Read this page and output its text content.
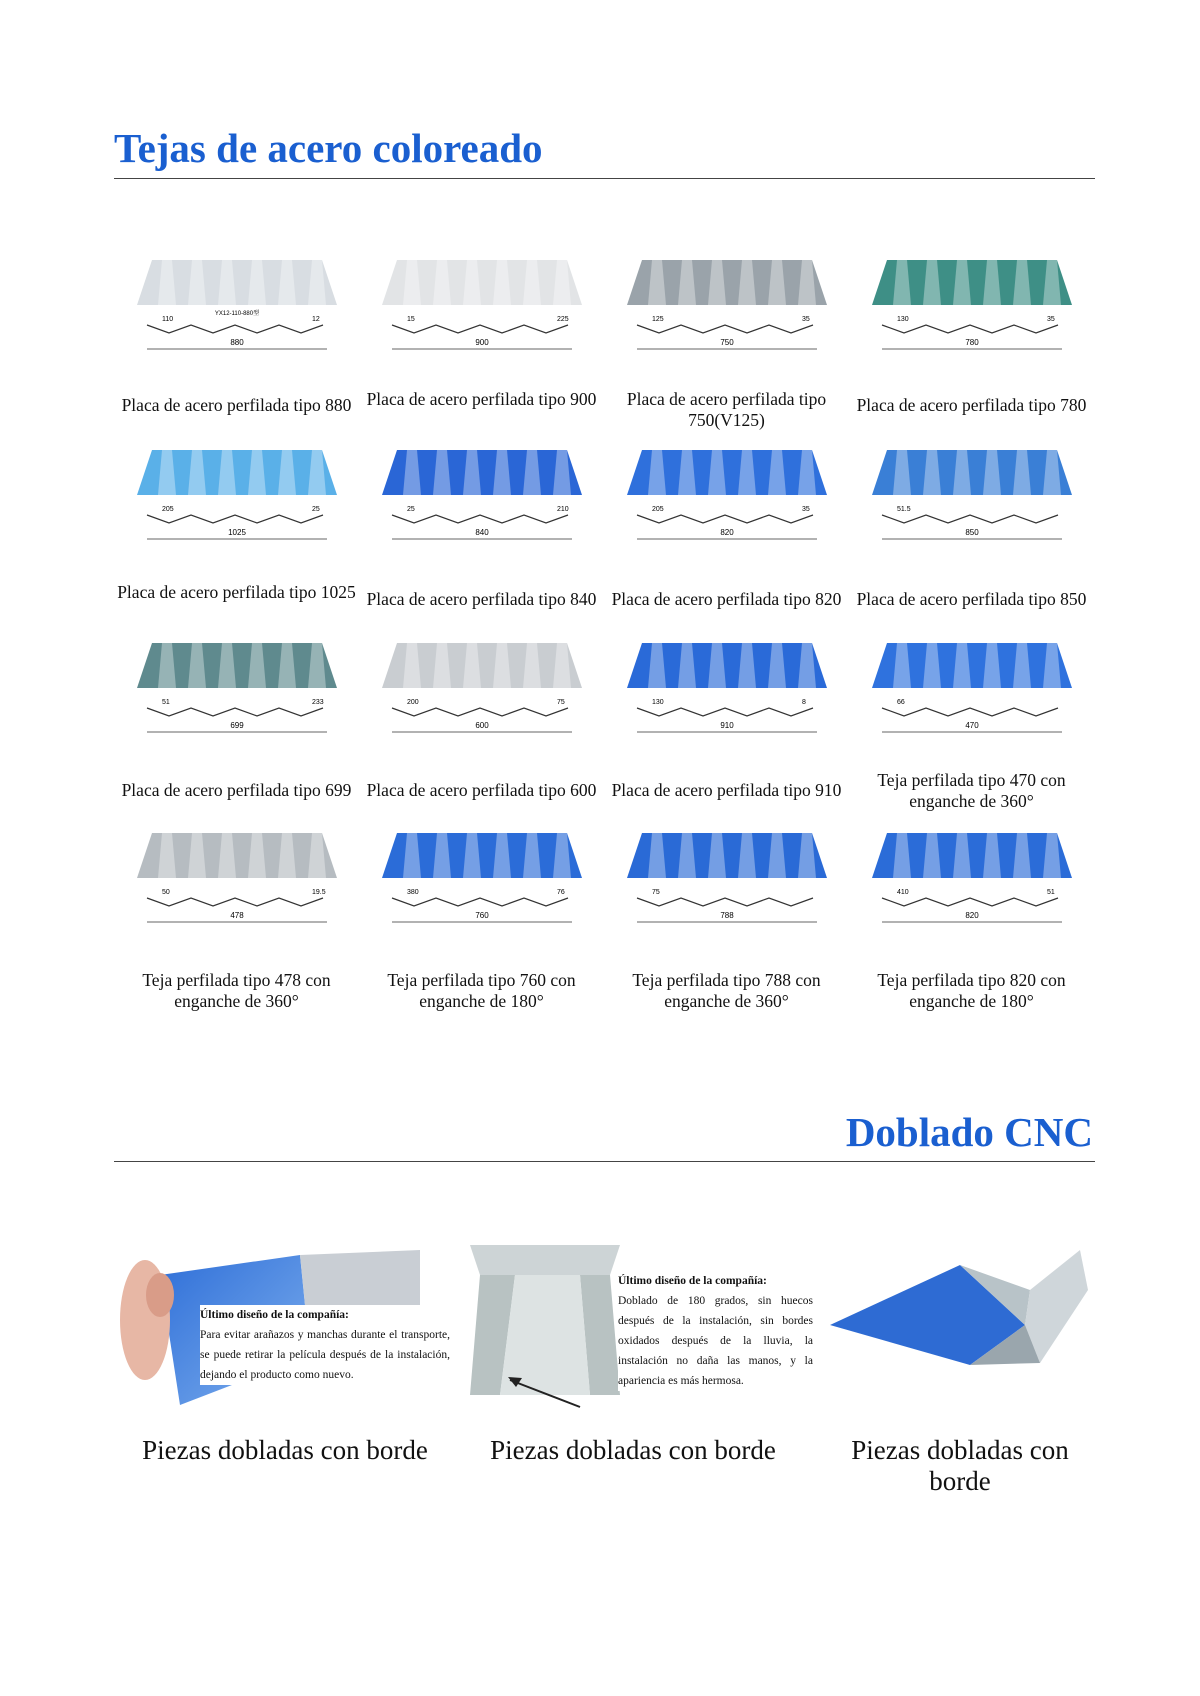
Tejas de acero coloreado
880
110	12
YX12-110-880型
Placa de acero perfilada tipo 880
900
15	225
Placa de acero perfilada tipo 900
750
125	35
Placa de acero perfilada tipo 750(V125)
780
130	35
Placa de acero perfilada tipo 780
1025
205	25
Placa de acero perfilada tipo 1025
840
25	210
Placa de acero perfilada tipo 840
820
205	35
Placa de acero perfilada tipo 820
850
51.5
Placa de acero perfilada tipo 850
699
51	233
Placa de acero perfilada tipo 699
600
200	75
Placa de acero perfilada tipo 600
910
130	8
Placa de acero perfilada tipo 910
470
66
Teja perfilada tipo 470 con enganche de 360°
478
50	19.5
Teja perfilada tipo 478 con enganche de 360°
760
380	76
Teja perfilada tipo 760 con enganche de 180°
788
75
Teja perfilada tipo 788 con enganche de 360°
820
410	51
Teja perfilada tipo 820 con enganche de 180°
Doblado CNC
Último diseño de la compañía:
Para evitar arañazos y manchas durante el transporte, se puede retirar la película después de la instalación, dejando el producto como nuevo.
Piezas dobladas con borde
Último diseño de la compañía:
Doblado de 180 grados, sin huecos después de la instalación, sin bordes oxidados después de la lluvia, la instalación no daña las manos, y la apariencia es más hermosa.
Piezas dobladas con borde	Piezas dobladas con borde
